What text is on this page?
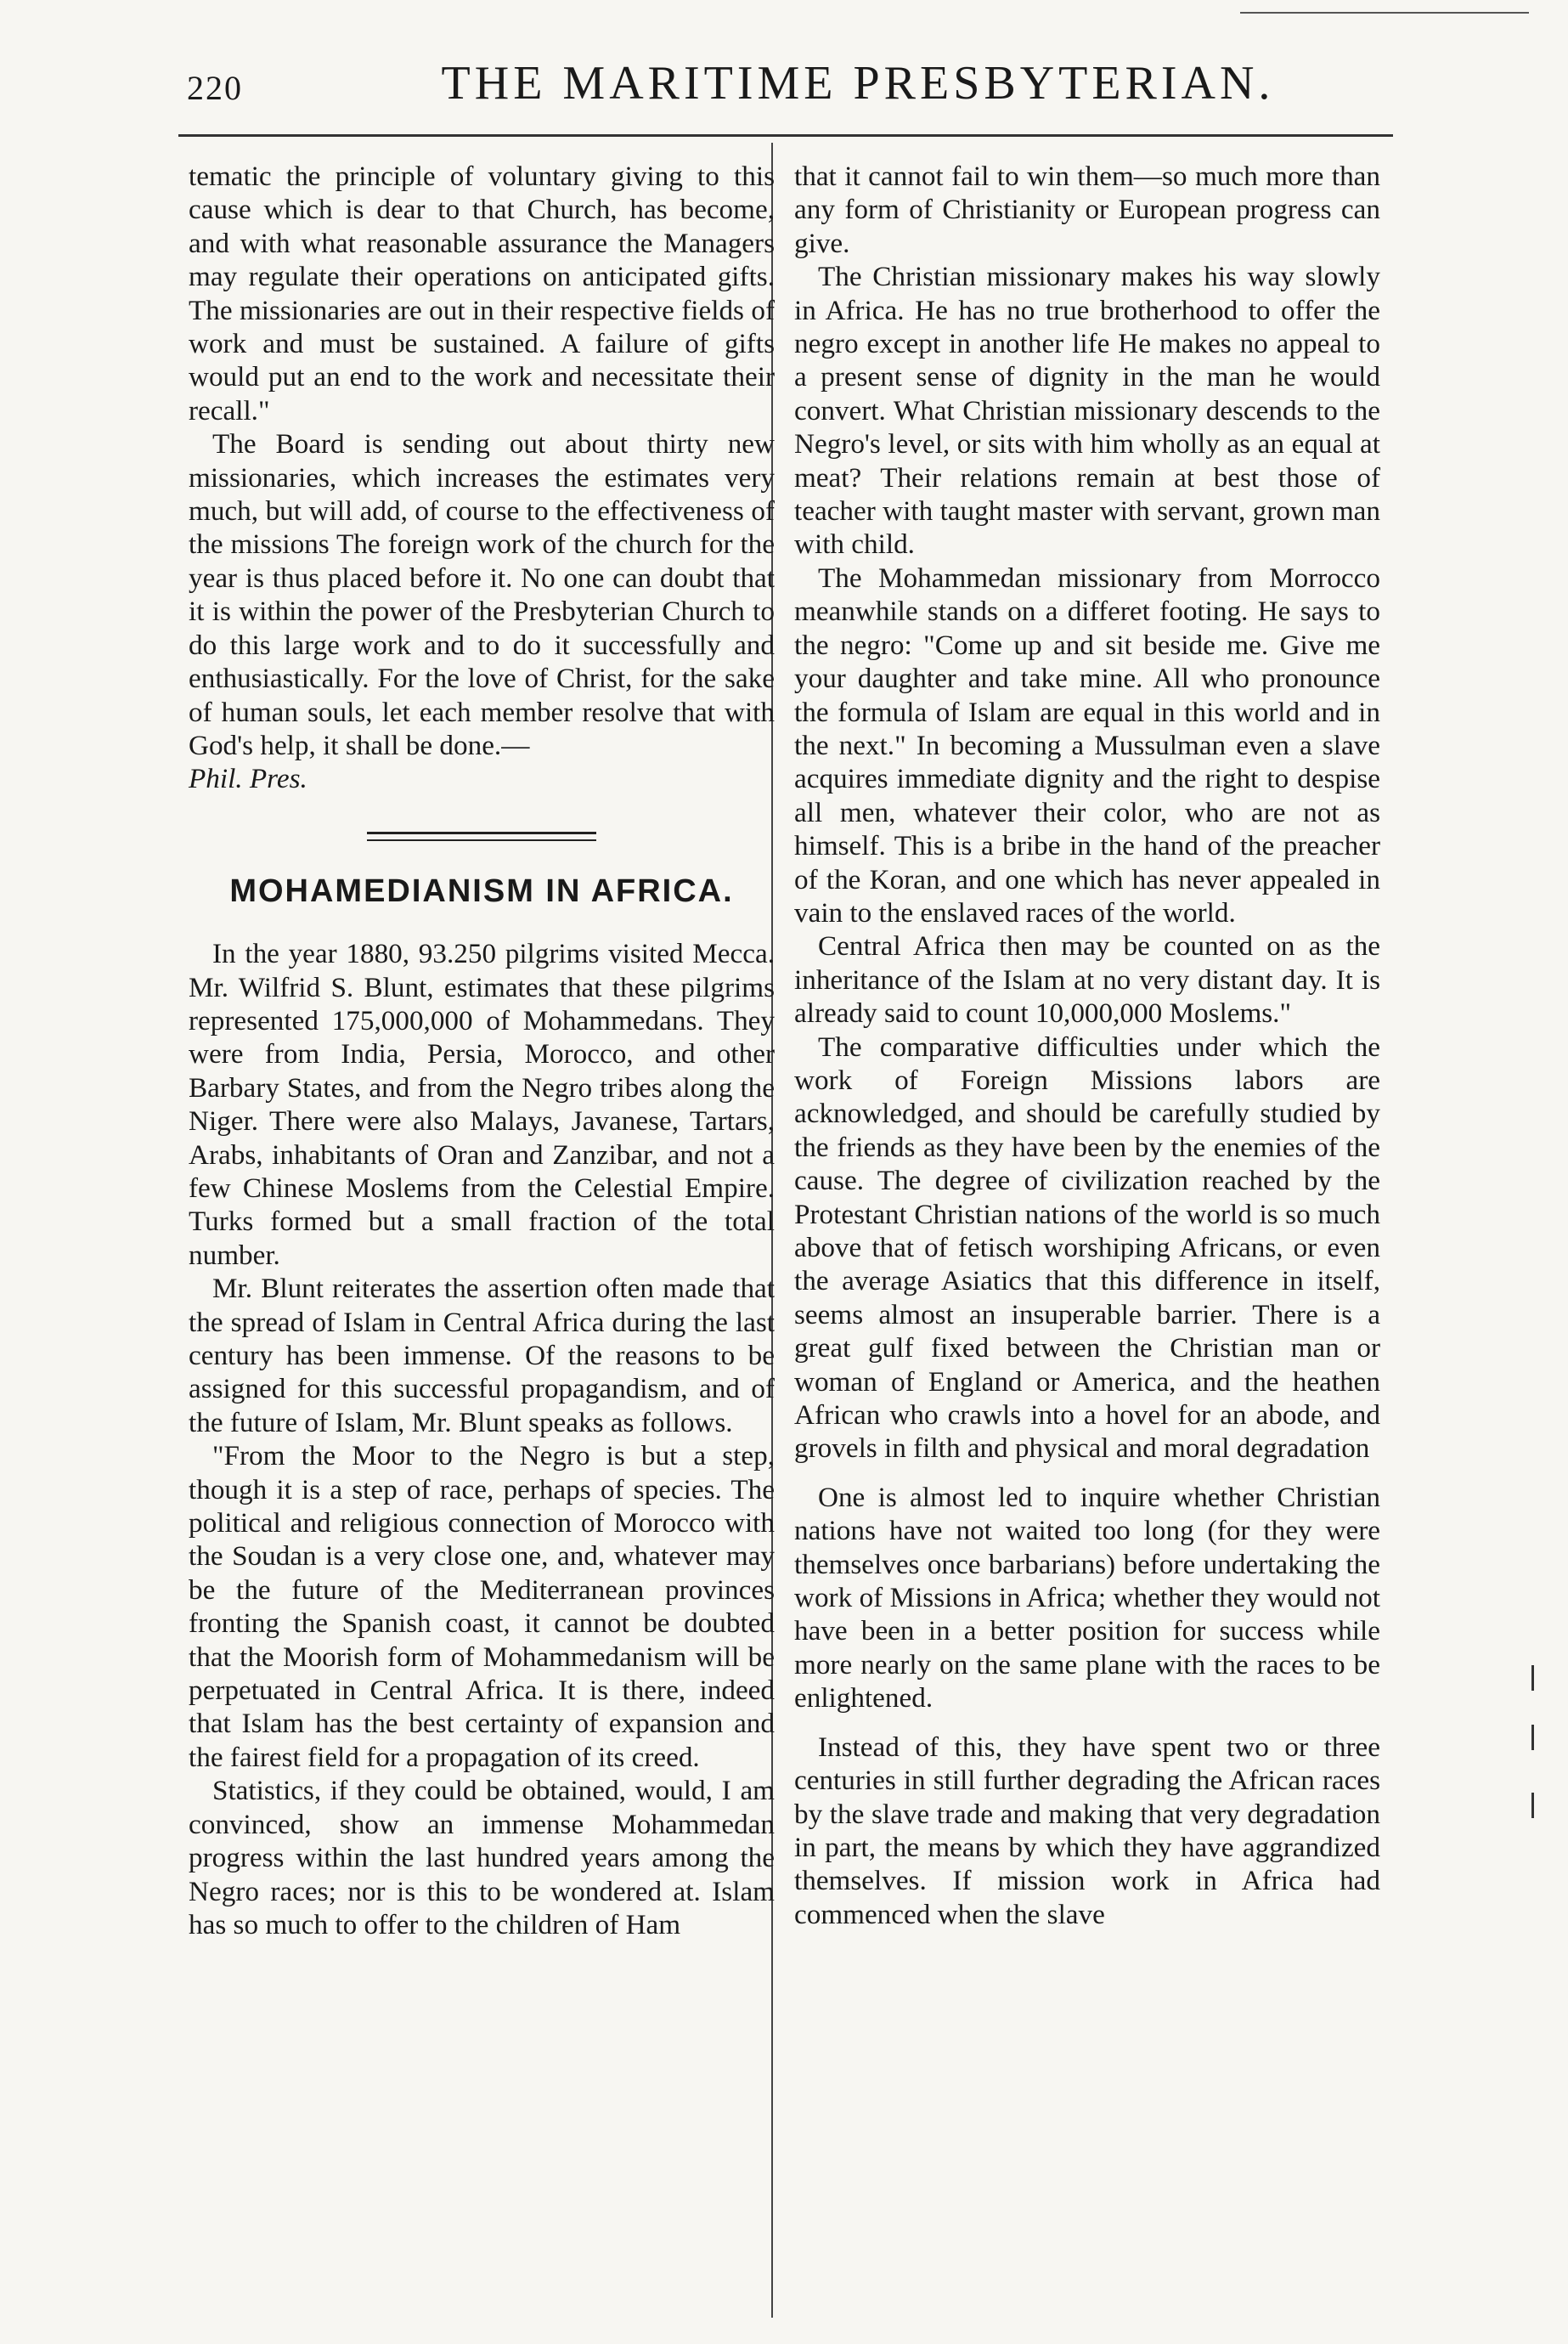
220	THE MARITIME PRESBYTERIAN.

tematic the principle of voluntary giving to this cause which is dear to that Church, has become, and with what reasonable assurance the Managers may regulate their operations on anticipated gifts. The missionaries are out in their respective fields of work and must be sustained. A failure of gifts would put an end to the work and necessitate their recall."

The Board is sending out about thirty new missionaries, which increases the estimates very much, but will add, of course to the effectiveness of the missions The foreign work of the church for the year is thus placed before it. No one can doubt that it is within the power of the Presbyterian Church to do this large work and to do it successfully and enthusiastically. For the love of Christ, for the sake of human souls, let each member resolve that with God's help, it shall be done.—
Phil. Pres.

MOHAMEDIANISM IN AFRICA.

In the year 1880, 93.250 pilgrims visited Mecca. Mr. Wilfrid S. Blunt, estimates that these pilgrims represented 175,000,000 of Mohammedans. They were from India, Persia, Morocco, and other Barbary States, and from the Negro tribes along the Niger. There were also Malays, Javanese, Tartars, Arabs, inhabitants of Oran and Zanzibar, and not a few Chinese Moslems from the Celestial Empire. Turks formed but a small fraction of the total number.

Mr. Blunt reiterates the assertion often made that the spread of Islam in Central Africa during the last century has been immense. Of the reasons to be assigned for this successful propagandism, and of the future of Islam, Mr. Blunt speaks as follows.

"From the Moor to the Negro is but a step, though it is a step of race, perhaps of species. The political and religious connection of Morocco with the Soudan is a very close one, and, whatever may be the future of the Mediterranean provinces fronting the Spanish coast, it cannot be doubted that the Moorish form of Mohammedanism will be perpetuated in Central Africa. It is there, indeed that Islam has the best certainty of expansion and the fairest field for a propagation of its creed.

Statistics, if they could be obtained, would, I am convinced, show an immense Mohammedan progress within the last hundred years among the Negro races; nor is this to be wondered at. Islam has so much to offer to the children of Ham

that it cannot fail to win them—so much more than any form of Christianity or European progress can give.

The Christian missionary makes his way slowly in Africa. He has no true brotherhood to offer the negro except in another life He makes no appeal to a present sense of dignity in the man he would convert. What Christian missionary descends to the Negro's level, or sits with him wholly as an equal at meat? Their relations remain at best those of teacher with taught master with servant, grown man with child.

The Mohammedan missionary from Morrocco meanwhile stands on a differet footing. He says to the negro: "Come up and sit beside me. Give me your daughter and take mine. All who pronounce the formula of Islam are equal in this world and in the next." In becoming a Mussulman even a slave acquires immediate dignity and the right to despise all men, whatever their color, who are not as himself. This is a bribe in the hand of the preacher of the Koran, and one which has never appealed in vain to the enslaved races of the world.

Central Africa then may be counted on as the inheritance of the Islam at no very distant day. It is already said to count 10,000,000 Moslems."

The comparative difficulties under which the work of Foreign Missions labors are acknowledged, and should be carefully studied by the friends as they have been by the enemies of the cause. The degree of civilization reached by the Protestant Christian nations of the world is so much above that of fetisch worshiping Africans, or even the average Asiatics that this difference in itself, seems almost an insuperable barrier. There is a great gulf fixed between the Christian man or woman of England or America, and the heathen African who crawls into a hovel for an abode, and grovels in filth and physical and moral degradation

One is almost led to inquire whether Christian nations have not waited too long (for they were themselves once barbarians) before undertaking the work of Missions in Africa; whether they would not have been in a better position for success while more nearly on the same plane with the races to be enlightened.

Instead of this, they have spent two or three centuries in still further degrading the African races by the slave trade and making that very degradation in part, the means by which they have aggrandized themselves. If mission work in Africa had commenced when the slave
